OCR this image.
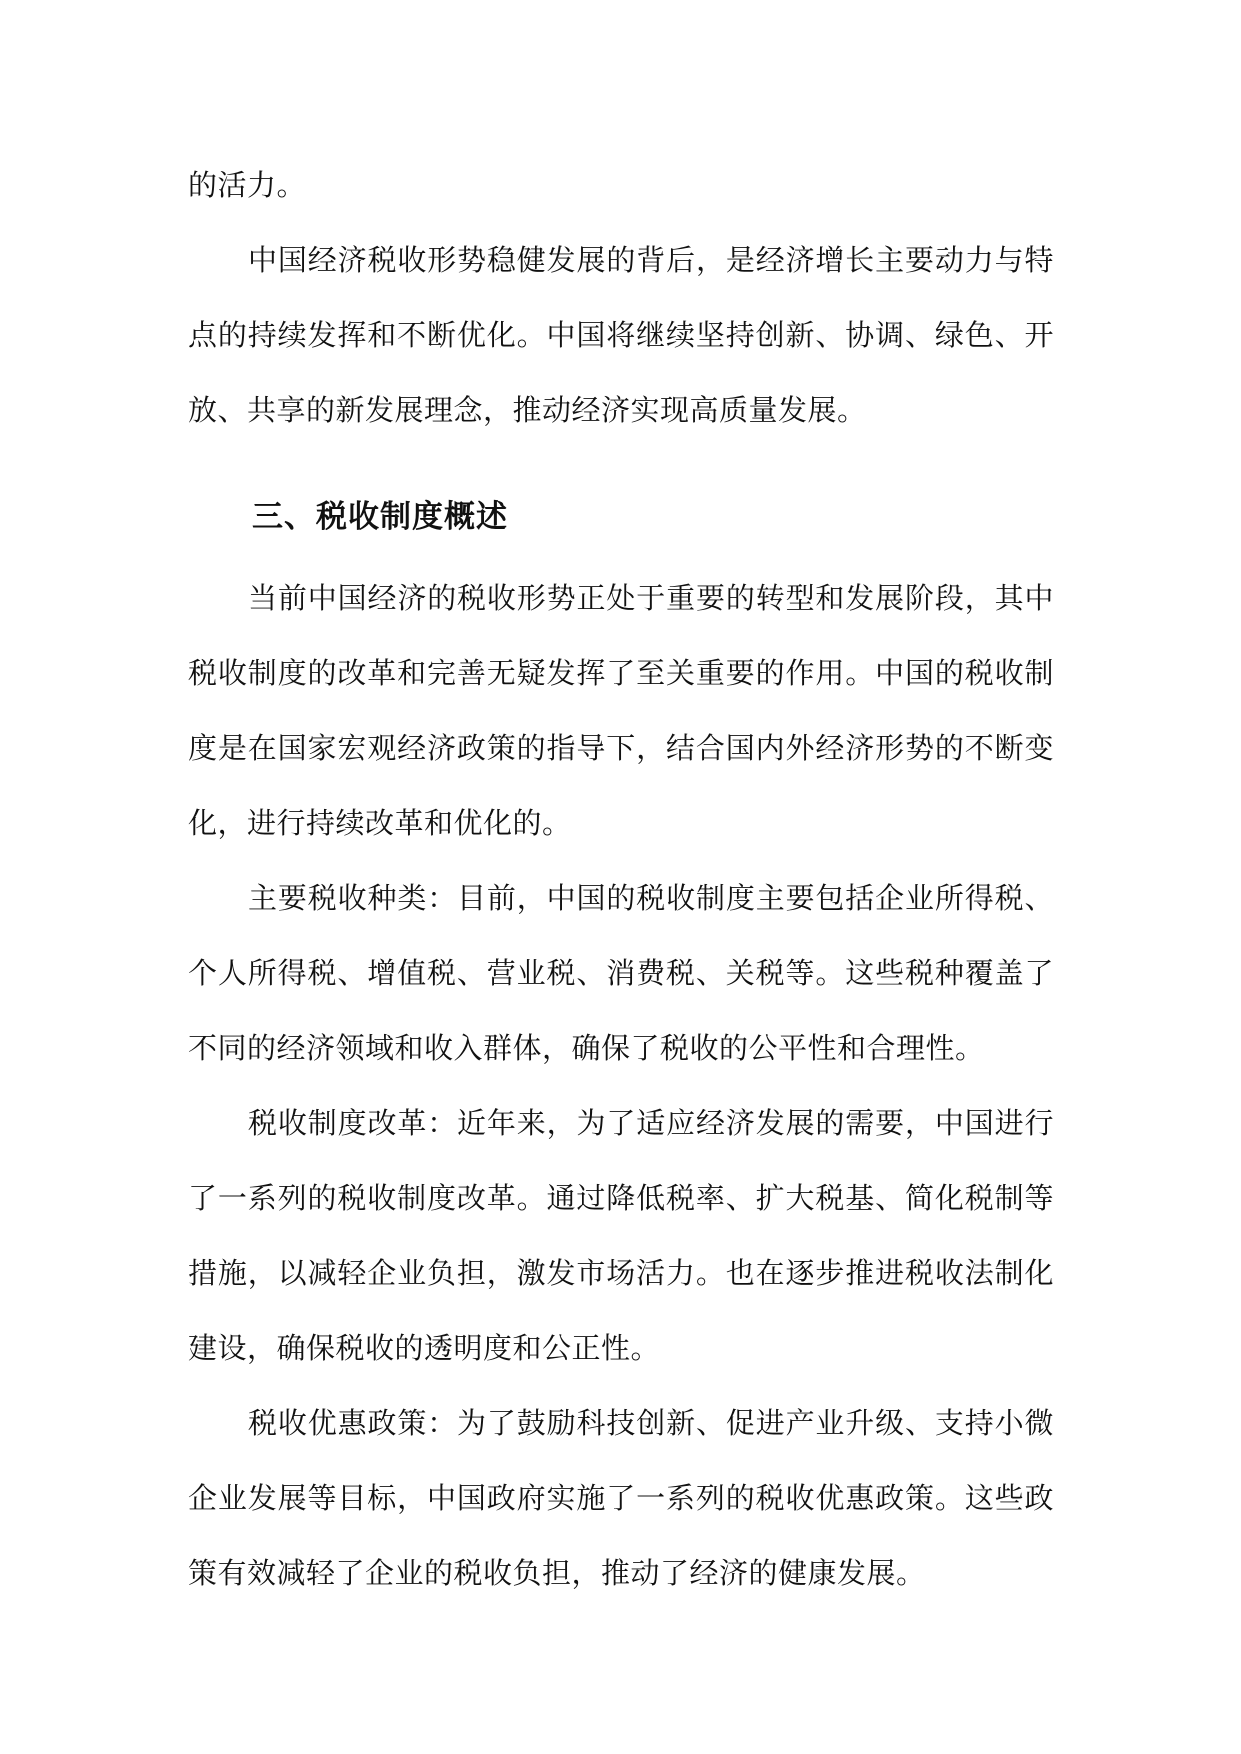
的活力。

中国经济税收形势稳健发展的背后，是经济增长主要动力与特点的持续发挥和不断优化。中国将继续坚持创新、协调、绿色、开放、共享的新发展理念，推动经济实现高质量发展。

三、税收制度概述

当前中国经济的税收形势正处于重要的转型和发展阶段，其中税收制度的改革和完善无疑发挥了至关重要的作用。中国的税收制度是在国家宏观经济政策的指导下，结合国内外经济形势的不断变化，进行持续改革和优化的。

主要税收种类：目前，中国的税收制度主要包括企业所得税、个人所得税、增值税、营业税、消费税、关税等。这些税种覆盖了不同的经济领域和收入群体，确保了税收的公平性和合理性。

税收制度改革：近年来，为了适应经济发展的需要，中国进行了一系列的税收制度改革。通过降低税率、扩大税基、简化税制等措施，以减轻企业负担，激发市场活力。也在逐步推进税收法制化建设，确保税收的透明度和公正性。

税收优惠政策：为了鼓励科技创新、促进产业升级、支持小微企业发展等目标，中国政府实施了一系列的税收优惠政策。这些政策有效减轻了企业的税收负担，推动了经济的健康发展。
